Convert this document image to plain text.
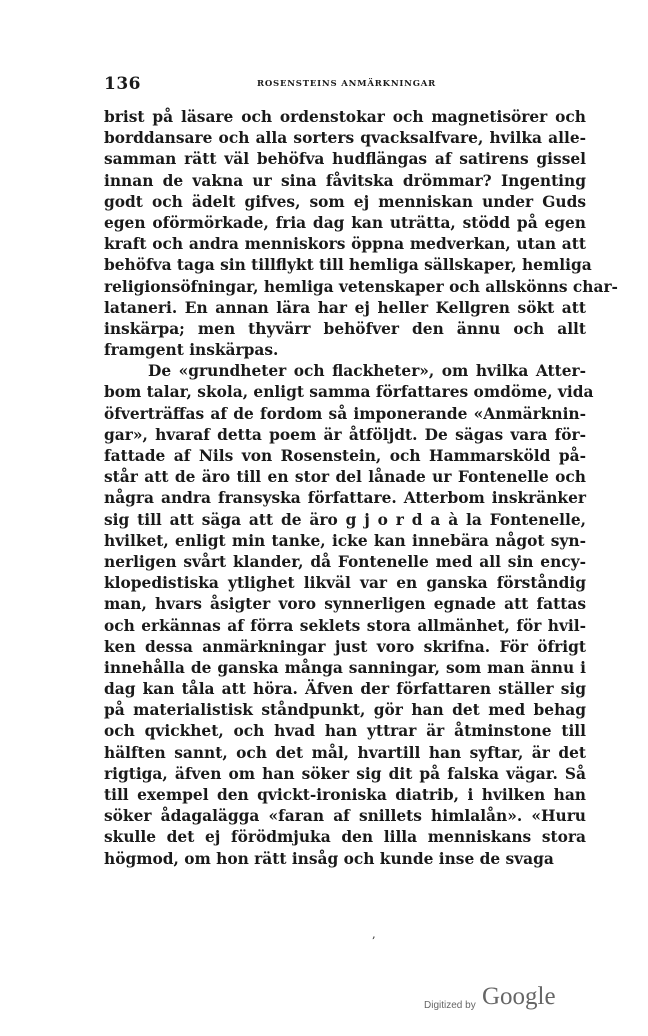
136	ROSENSTEINS ANMÄRKNINGAR
brist på läsare och ordenstokar och magnetisörer och
borddansare och alla sorters qvacksalfvare, hvilka alle-
samman rätt väl behöfva hudflängas af satirens gissel
innan de vakna ur sina fåvitska drömmar? Ingenting
godt och ädelt gifves, som ej menniskan under Guds
egen oförmörkade, fria dag kan uträtta, stödd på egen
kraft och andra menniskors öppna medverkan, utan att
behöfva taga sin tillflykt till hemliga sällskaper, hemliga
religionsöfningar, hemliga vetenskaper och allskönns char-
lataneri. En annan lära har ej heller Kellgren sökt att
inskärpa; men thyvärr behöfver den ännu och allt
framgent inskärpas.
De «grundheter och flackheter», om hvilka Atter-
bom talar, skola, enligt samma författares omdöme, vida
öfverträffas af de fordom så imponerande «Anmärknin-
gar», hvaraf detta poem är åtföljdt. De sägas vara för-
fattade af Nils von Rosenstein, och Hammarsköld på-
står att de äro till en stor del lånade ur Fontenelle och
några andra fransyska författare. Atterbom inskränker
sig till att säga att de äro g j o r d a à la Fontenelle,
hvilket, enligt min tanke, icke kan innebära något syn-
nerligen svårt klander, då Fontenelle med all sin ency-
klopedistiska ytlighet likväl var en ganska förståndig
man, hvars åsigter voro synnerligen egnade att fattas
och erkännas af förra seklets stora allmänhet, för hvil-
ken dessa anmärkningar just voro skrifna. För öfrigt
innehålla de ganska många sanningar, som man ännu i
dag kan tåla att höra. Äfven der författaren ställer sig
på materialistisk ståndpunkt, gör han det med behag
och qvickhet, och hvad han yttrar är åtminstone till
hälften sannt, och det mål, hvartill han syftar, är det
rigtiga, äfven om han söker sig dit på falska vägar. Så
till exempel den qvickt-ironiska diatrib, i hvilken han
söker ådagalägga «faran af snillets himlalån». «Huru
skulle det ej förödmjuka den lilla menniskans stora
högmod, om hon rätt insåg och kunde inse de svaga
‚
Digitized by Google
